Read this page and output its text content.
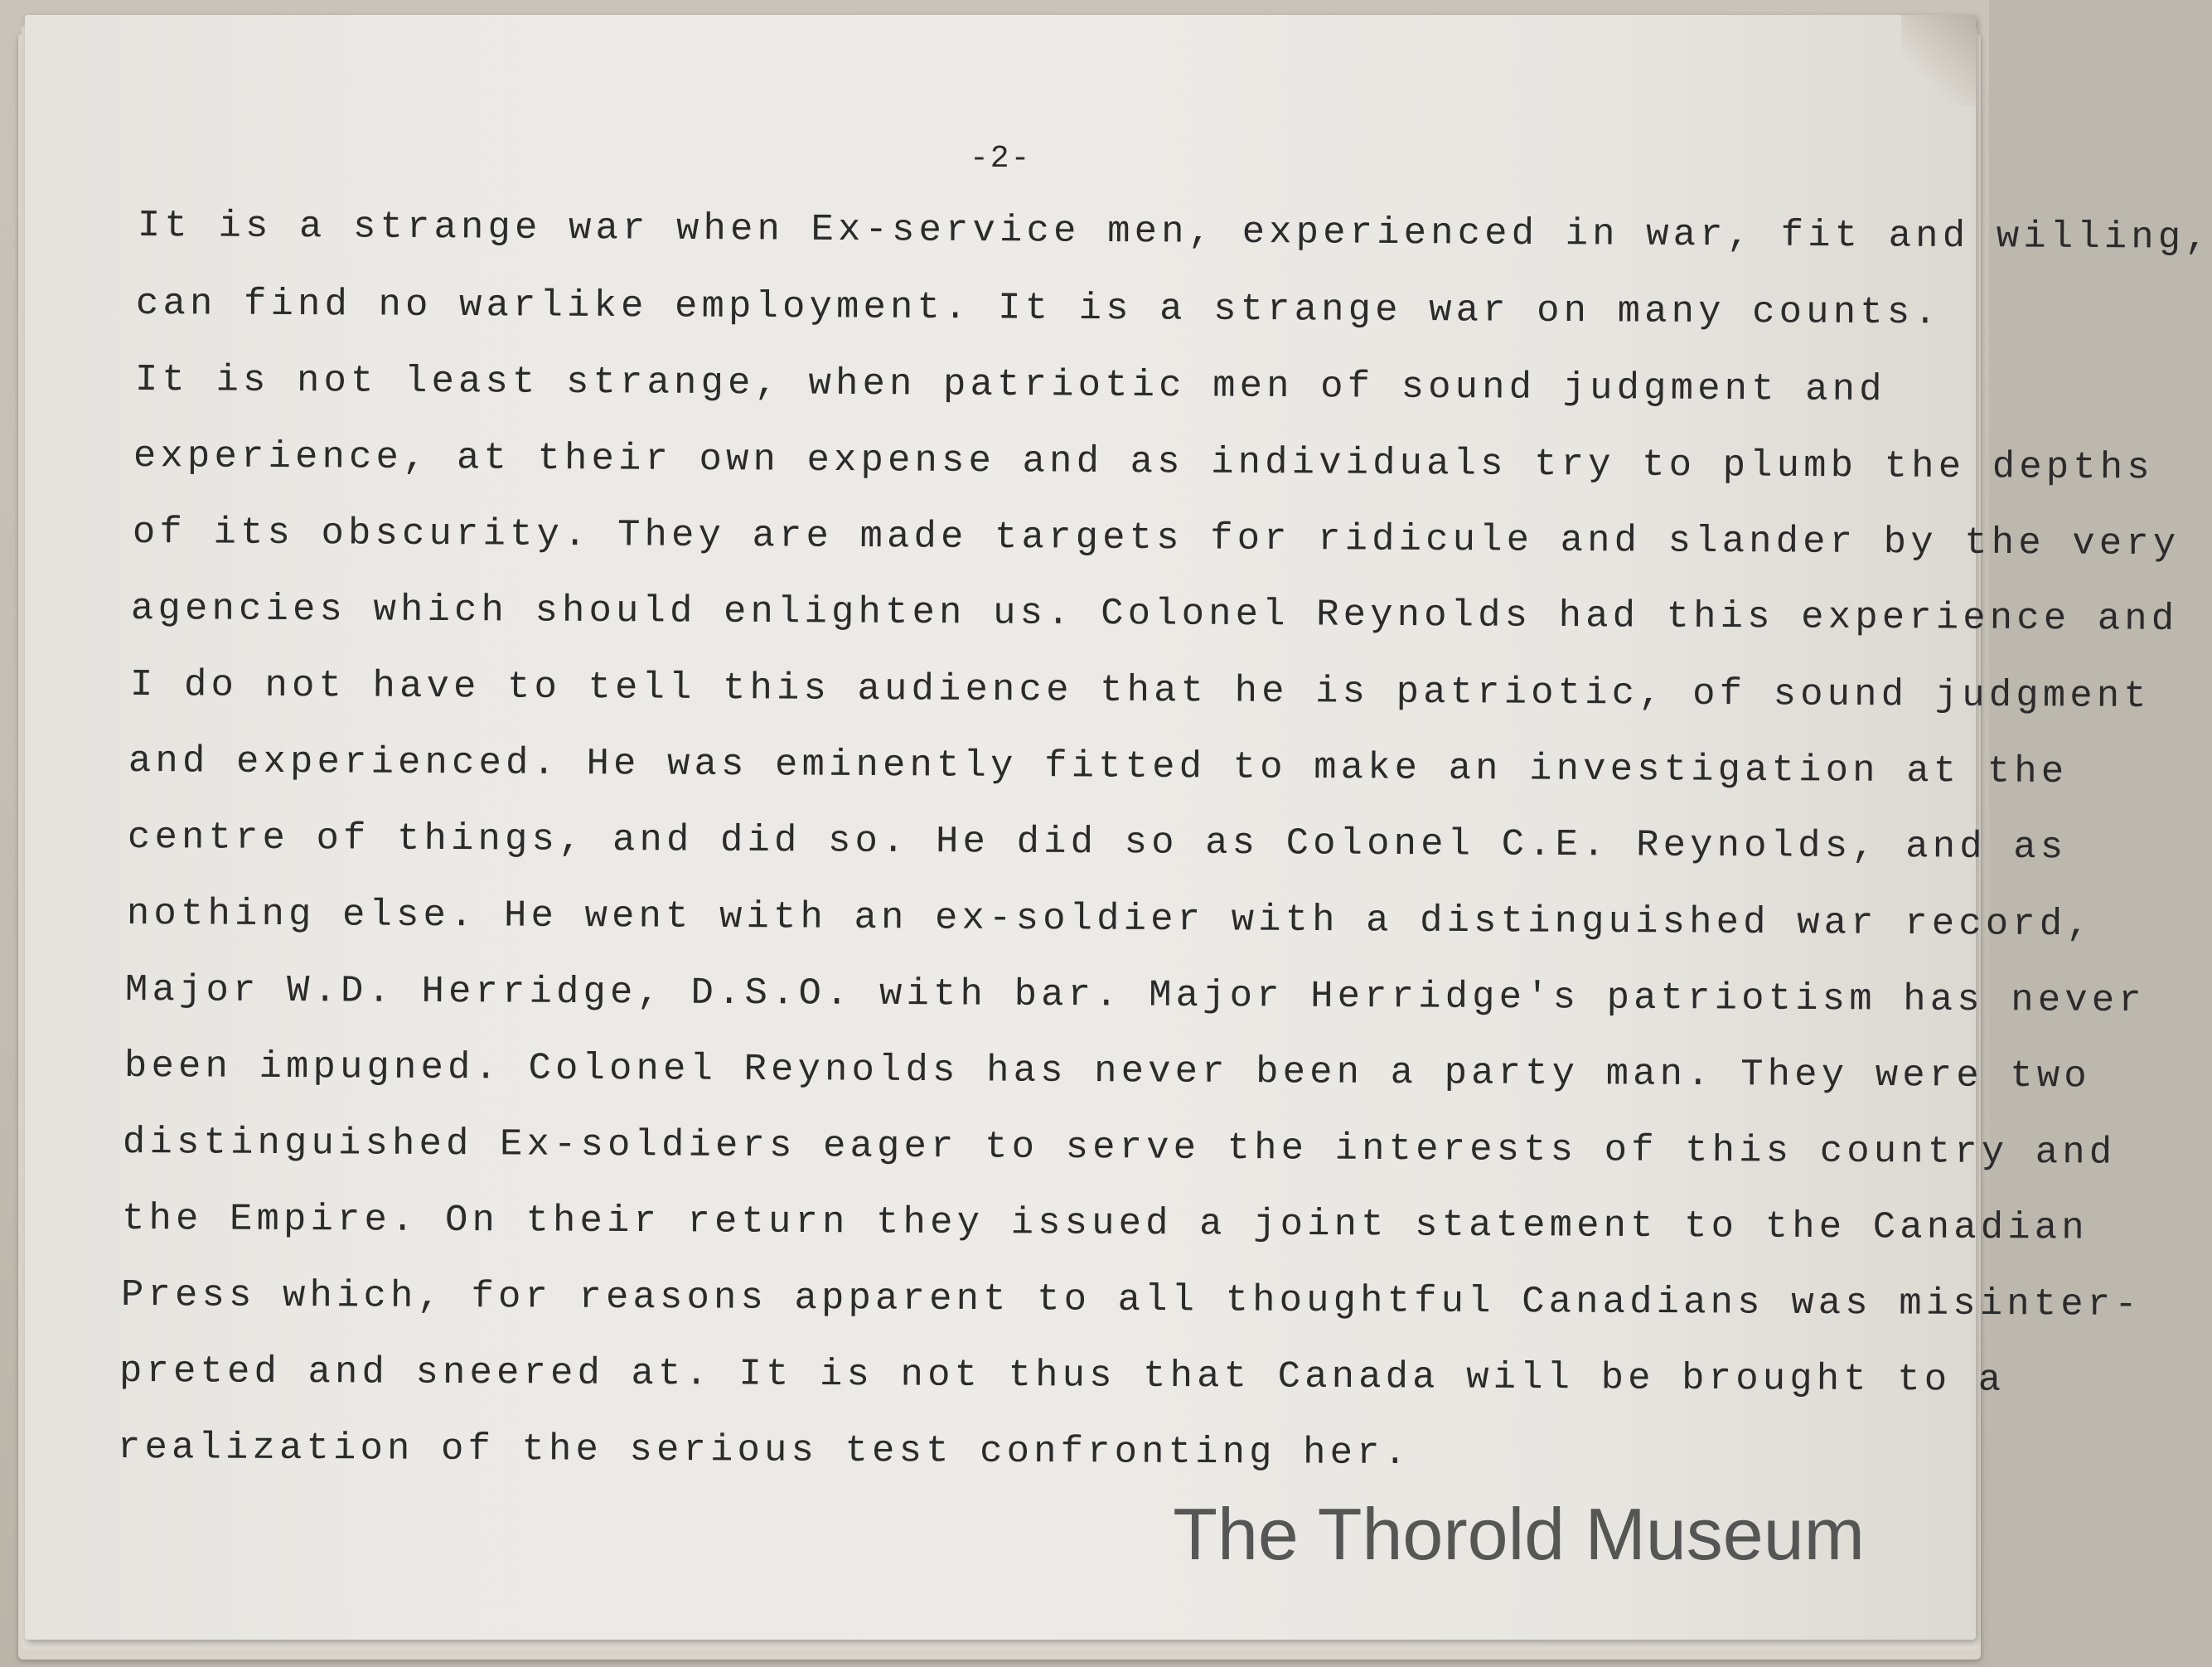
-2-
It is a strange war when Ex-service men, experienced in war, fit and willing,
can find no warlike employment. It is a strange war on many counts.
It is not least strange, when patriotic men of sound judgment and
experience, at their own expense and as individuals try to plumb the depths
of its obscurity. They are made targets for ridicule and slander by the very
agencies which should enlighten us. Colonel Reynolds had this experience and
I do not have to tell this audience that he is patriotic, of sound judgment
and experienced. He was eminently fitted to make an investigation at the
centre of things, and did so. He did so as Colonel C.E. Reynolds, and as
nothing else. He went with an ex-soldier with a distinguished war record,
Major W.D. Herridge, D.S.O. with bar. Major Herridge's patriotism has never
been impugned. Colonel Reynolds has never been a party man. They were two
distinguished Ex-soldiers eager to serve the interests of this country and
the Empire. On their return they issued a joint statement to the Canadian
Press which, for reasons apparent to all thoughtful Canadians was misinter-
preted and sneered at. It is not thus that Canada will be brought to a
realization of the serious test confronting her.
The Thorold Museum
